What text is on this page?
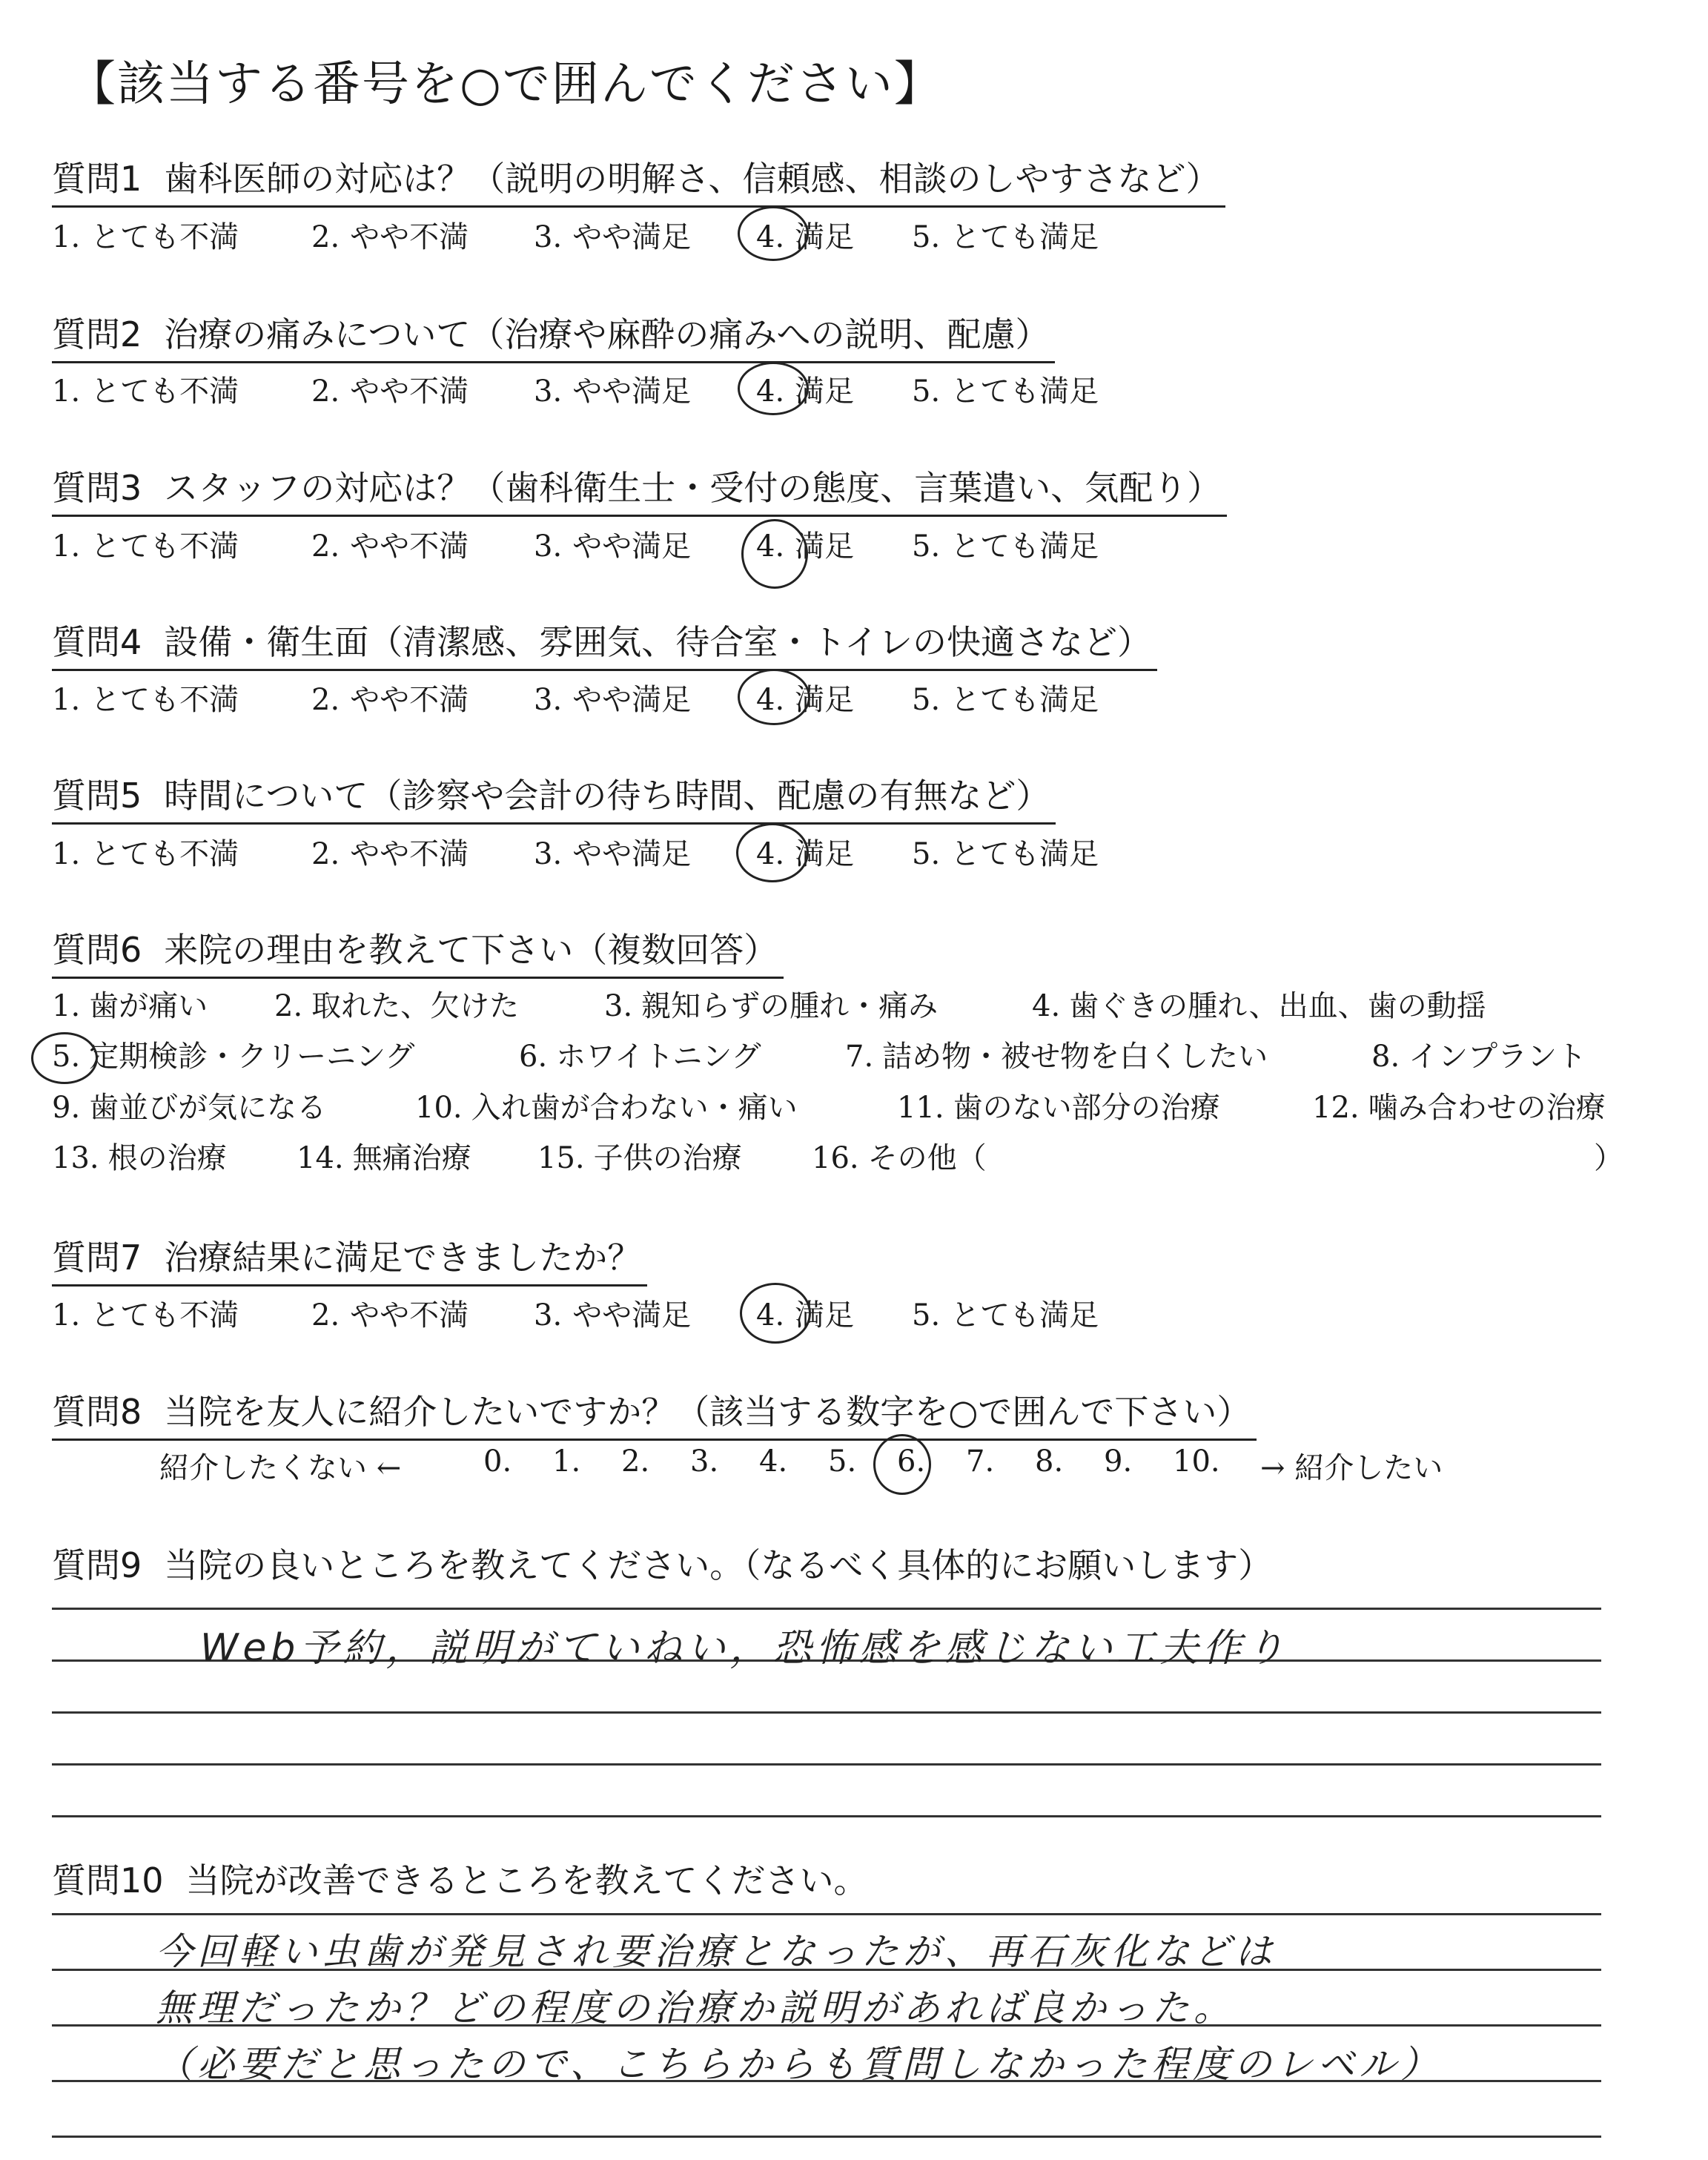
【該当する番号を○で囲んでください】
質問1 歯科医師の対応は？（説明の明解さ、信頼感、相談のしやすさなど）
1. とても不満 2. やや不満 3. やや満足 4. 満足 5. とても満足
質問2 治療の痛みについて（治療や麻酔の痛みへの説明、配慮）
1. とても不満 2. やや不満 3. やや満足 4. 満足 5. とても満足
質問3 スタッフの対応は？（歯科衛生士・受付の態度、言葉遣い、気配り）
1. とても不満 2. やや不満 3. やや満足 4. 満足 5. とても満足
質問4 設備・衛生面（清潔感、雰囲気、待合室・トイレの快適さなど）
1. とても不満 2. やや不満 3. やや満足 4. 満足 5. とても満足
質問5 時間について（診察や会計の待ち時間、配慮の有無など）
1. とても不満 2. やや不満 3. やや満足 4. 満足 5. とても満足
質問6 来院の理由を教えて下さい（複数回答）
1. 歯が痛い 2. 取れた、欠けた	3. 親知らずの腫れ・痛み	4. 歯ぐきの腫れ、出血、歯の動揺
5. 定期検診・クリーニング	6. ホワイトニング	7. 詰め物・被せ物を白くしたい	8. インプラント
9. 歯並びが気になる	10. 入れ歯が合わない・痛い	11. 歯のない部分の治療	12. 噛み合わせの治療
13. 根の治療 14. 無痛治療 15. 子供の治療 16. その他（	）
質問7 治療結果に満足できましたか？
1. とても不満 2. やや不満 3. やや満足 4. 満足 5. とても満足
質問8 当院を友人に紹介したいですか？（該当する数字を○で囲んで下さい）
紹介したくない ←	0. 1. 2. 3. 4. 5. 6. 7. 8. 9. 10. → 紹介したい
質問9 当院の良いところを教えてください。（なるべく具体的にお願いします）
Web予約，説明がていねい，恐怖感を感じない工夫作り
質問10 当院が改善できるところを教えてください。
今回軽い虫歯が発見され要治療となったが、再石灰化などは
無理だったか？どの程度の治療か説明があれば良かった。
（必要だと思ったので、こちらからも質問しなかった程度のレベル）
